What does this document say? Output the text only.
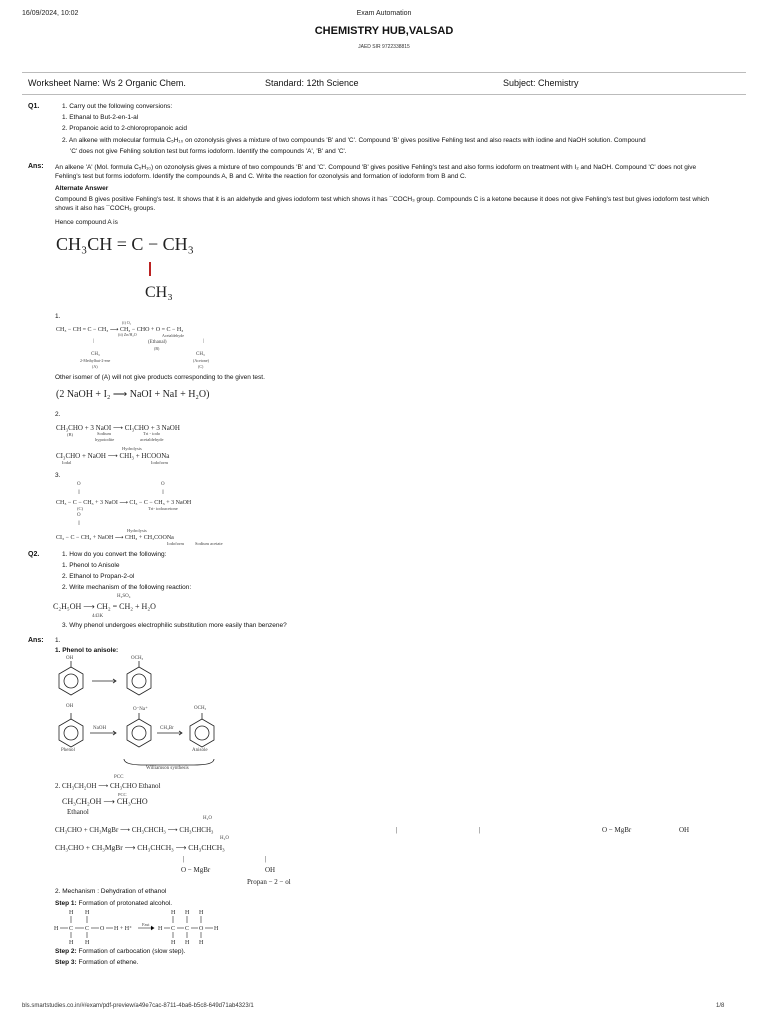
16/09/2024, 10:02	Exam Automation
CHEMISTRY HUB,VALSAD
JAED SIR 9722338815
Worksheet Name: Ws 2 Organic Chem.	Standard: 12th Science	Subject: Chemistry
Q1.	1. Carry out the following conversions:
1. Ethanal to But-2-en-1-al
2. Propanoic acid to 2-chloropropanoic acid
2. An alkene with molecular formula C₅H₁₀ on ozonolysis gives a mixture of two compounds 'B' and 'C'. Compound 'B' gives positive Fehling test and also reacts with iodine and NaOH solution. Compound
'C' does not give Fehling solution test but forms iodoform. Identify the compounds 'A', 'B' and 'C'.
Ans: An alkene 'A' (Mol. formula C₅H₁₀) on ozonolysis gives a mixture of two compounds 'B' and 'C'. Compound 'B' gives positive Fehling's test and also forms iodoform on treatment with I₂ and NaOH. Compound 'C' does not give Fehling's test but forms iodoform. Identify the compounds A, B and C. Write the reaction for ozonolysis and formation of iodoform from B and C.
Alternate Answer
Compound B gives positive Fehling's test. It shows that it is an aldehyde and gives iodoform test which shows it has ¯COCH₃ group. Compounds C is a ketone because it does not give Fehling's test but gives iodoform test which shows it also has ¯COCH₃ groups.
Hence compound A is
CH₃CH = C − CH₃
CH₃
1.
CH₃ − CH = C − CH₃ ⟶ CH₃ − CHO + O = C − H₃
(i) O₃
(ii) Zn/H₂O	Acetaldehyde
(Ethanal)
(B)
|
CH₃
2-Methylbut-2-ene
(A)
|
CH₃
(Acetone)
(C)
Other isomer of (A) will not give products corresponding to the given test.
(2 NaOH + I₂ ⟶ NaOI + NaI + H₂O)
2.
CH₃CHO + 3 NaOI ⟶ CI₃CHO + 3 NaOH
(B)	Sodium
hypoiodite
Tri - iodo
acetaldehyde
CI₃CHO + NaOH ⟶ CHI₃ + HCOONa
Hydrolysis
Iodal	Iodoform
3.
O	O
||	||
CH₃ − C − CH₃ + 3 NaOI ⟶ CI₃ − C − CH₃ + 3 NaOH
(C)	Tri- iodoacetone
O
||
CI₃ − C − CH₃ + NaOH ⟶ CHI₃ + CH₃COONa
Hydrolysis
Iodoform Sodium acetate
Q2.	1. How do you convert the following:
1. Phenol to Anisole
2. Ethanol to Propan-2-ol
2. Write mechanism of the following reaction:
H₂SO₄
C₂H₅OH ⟶ CH₂ = CH₂ + H₂O
443K
3. Why phenol undergoes electrophilic substitution more easily than benzene?
Ans: 1.
1. Phenol to anisole:
OH	OCH₃
OH
O⁻Na⁺	OCH₃
NaOH	CH₃Br
Phenol	Anisole
Williamson synthesis
PCC
2. CH₃CH₂OH ⟶ CH₃CHO Ethanol
PCC
CH₃CH₂OH ⟶ CH₃CHO
Ethanol
H₂O
CH₃CHO + CH₃MgBr ⟶ CH₃CHCH₃ ⟶ CH₃CHCH₃	|	|	O − MgBr	OH
H₂O
CH₃CHO + CH₃MgBr ⟶ CH₃CHCH₃ ⟶ CH₃CHCH₃
|	|
O − MgBr	OH
Propan − 2 − ol
2. Mechanism : Dehydration of ethanol
Step 1: Formation of protonated alcohol.
H H	H H H
H C C O H + H⁺	H C C O H
H H	H H H
Fast
Step 2: Formation of carbocation (slow step).
Step 3: Formation of ethene.
bls.smartstudies.co.in/#/exam/pdf-preview/a49e7cac-8711-4ba6-b5c8-649d71ab4323/1	1/8
